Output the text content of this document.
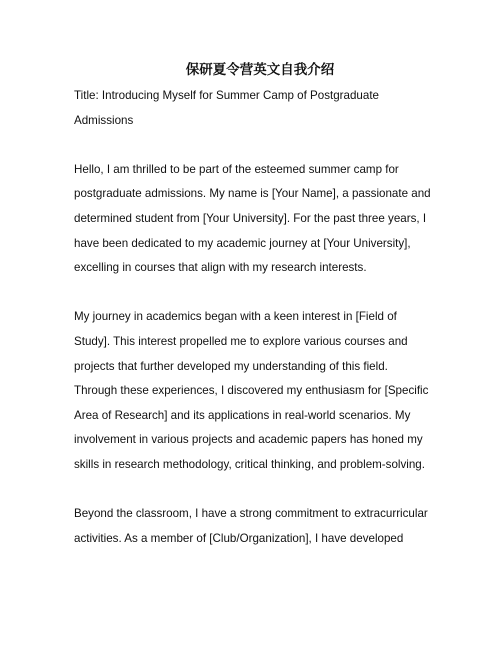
保研夏令营英文自我介绍

Title: Introducing Myself for Summer Camp of Postgraduate Admissions

Hello, I am thrilled to be part of the esteemed summer camp for postgraduate admissions. My name is [Your Name], a passionate and determined student from [Your University]. For the past three years, I have been dedicated to my academic journey at [Your University], excelling in courses that align with my research interests.

My journey in academics began with a keen interest in [Field of Study]. This interest propelled me to explore various courses and projects that further developed my understanding of this field. Through these experiences, I discovered my enthusiasm for [Specific Area of Research] and its applications in real-world scenarios. My involvement in various projects and academic papers has honed my skills in research methodology, critical thinking, and problem-solving.

Beyond the classroom, I have a strong commitment to extracurricular activities. As a member of [Club/Organization], I have developed
